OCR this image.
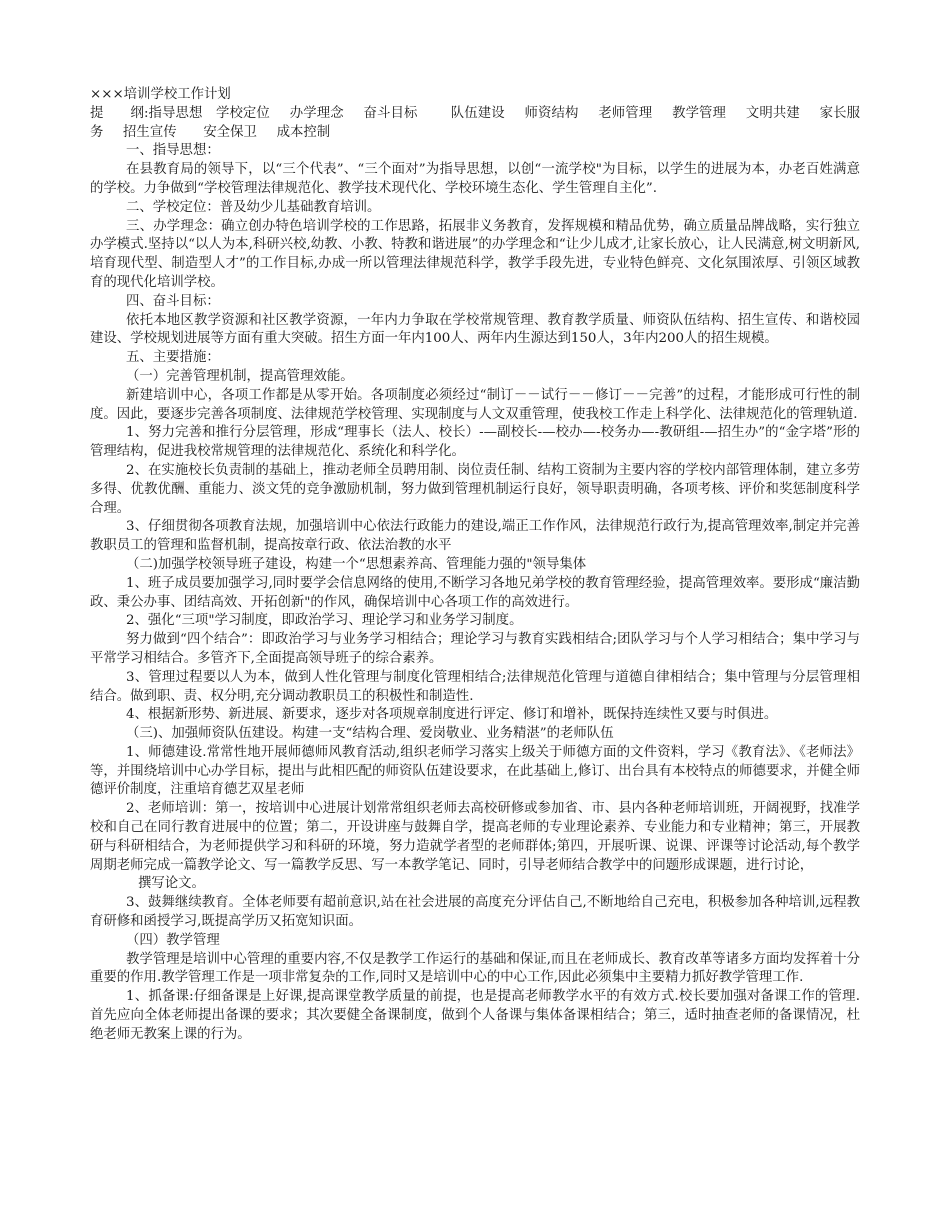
×××培训学校工作计划

提　　纲:指导思想　学校定位　 办学理念　 奋斗目标 　　队伍建设　 师资结构　 老师管理　 教学管理　 文明共建　 家长服务　 招生宣传　　安全保卫　 成本控制

一、指导思想：

在县教育局的领导下，以“三个代表”、“三个面对”为指导思想，以创“一流学校"为目标，以学生的进展为本，办老百姓满意的学校。力争做到“学校管理法律规范化、教学技术现代化、学校环境生态化、学生管理自主化”.

二、学校定位：普及幼少儿基础教育培训。

三、办学理念：确立创办特色培训学校的工作思路，拓展非义务教育，发挥规模和精品优势，确立质量品牌战略，实行独立办学模式.坚持以“以人为本,科研兴校,幼教、小教、特教和谐进展”的办学理念和“让少儿成才,让家长放心，让人民满意,树文明新风,培育现代型、制造型人才”的工作目标,办成一所以管理法律规范科学，教学手段先进，专业特色鲜亮、文化氛围浓厚、引领区域教育的现代化培训学校。

四、奋斗目标：

依托本地区教学资源和社区教学资源，一年内力争取在学校常规管理、教育教学质量、师资队伍结构、招生宣传、和谐校园建设、学校规划进展等方面有重大突破。招生方面一年内100人、两年内生源达到150人，3年内200人的招生规模。

五、主要措施：

（一）完善管理机制，提高管理效能。

新建培训中心，各项工作都是从零开始。各项制度必须经过“制订－－试行－－修订－－完善”的过程，才能形成可行性的制度。因此，要逐步完善各项制度、法律规范学校管理、实现制度与人文双重管理，使我校工作走上科学化、法律规范化的管理轨道.

1、努力完善和推行分层管理，形成“理事长（法人、校长）-—副校长-—校办—-校务办—-教研组-—招生办”的“金字塔”形的管理结构，促进我校常规管理的法律规范化、系统化和科学化。

2、在实施校长负责制的基础上，推动老师全员聘用制、岗位责任制、结构工资制为主要内容的学校内部管理体制，建立多劳多得、优教优酬、重能力、淡文凭的竞争激励机制，努力做到管理机制运行良好，领导职责明确，各项考核、评价和奖惩制度科学合理。

3、仔细贯彻各项教育法规，加强培训中心依法行政能力的建设,端正工作作风，法律规范行政行为,提高管理效率,制定并完善教职员工的管理和监督机制，提高按章行政、依法治教的水平

（二)加强学校领导班子建设，构建一个“思想素养高、管理能力强的"领导集体

1、班子成员要加强学习,同时要学会信息网络的使用,不断学习各地兄弟学校的教育管理经验，提高管理效率。要形成“廉洁勤政、秉公办事、团结高效、开拓创新"的作风，确保培训中心各项工作的高效进行。

2、强化“三项"学习制度，即政治学习、理论学习和业务学习制度。

努力做到“四个结合”：即政治学习与业务学习相结合；理论学习与教育实践相结合;团队学习与个人学习相结合；集中学习与平常学习相结合。多管齐下,全面提高领导班子的综合素养。

3、管理过程要以人为本，做到人性化管理与制度化管理相结合;法律规范化管理与道德自律相结合；集中管理与分层管理相结合。做到职、责、权分明,充分调动教职员工的积极性和制造性.

4、根据新形势、新进展、新要求，逐步对各项规章制度进行评定、修订和增补，既保持连续性又要与时俱进。

（三)、加强师资队伍建设。构建一支“结构合理、爱岗敬业、业务精湛”的老师队伍

1、师德建设.常常性地开展师德师风教育活动,组织老师学习落实上级关于师德方面的文件资料，学习《教育法》、《老师法》等，并围绕培训中心办学目标，提出与此相匹配的师资队伍建设要求，在此基础上,修订、出台具有本校特点的师德要求，并健全师德评价制度，注重培育德艺双星老师

2、老师培训：第一，按培训中心进展计划常常组织老师去高校研修或参加省、市、县内各种老师培训班，开阔视野，找准学校和自己在同行教育进展中的位置；第二，开设讲座与鼓舞自学，提高老师的专业理论素养、专业能力和专业精神；第三，开展教研与科研相结合，为老师提供学习和科研的环境，努力造就学者型的老师群体;第四，开展听课、说课、评课等讨论活动,每个教学周期老师完成一篇教学论文、写一篇教学反思、写一本教学笔记、同时，引导老师结合教学中的问题形成课题，进行讨论，

撰写论文。

3、鼓舞继续教育。全体老师要有超前意识,站在社会进展的高度充分评估自己,不断地给自己充电，积极参加各种培训,远程教育研修和函授学习,既提高学历又拓宽知识面。

（四）教学管理

教学管理是培训中心管理的重要内容,不仅是教学工作运行的基础和保证,而且在老师成长、教育改革等诸多方面均发挥着十分重要的作用.教学管理工作是一项非常复杂的工作,同时又是培训中心的中心工作,因此必须集中主要精力抓好教学管理工作.

1、抓备课:仔细备课是上好课,提高课堂教学质量的前提，也是提高老师教学水平的有效方式.校长要加强对备课工作的管理.首先应向全体老师提出备课的要求；其次要健全备课制度，做到个人备课与集体备课相结合；第三，适时抽查老师的备课情况，杜绝老师无教案上课的行为。
